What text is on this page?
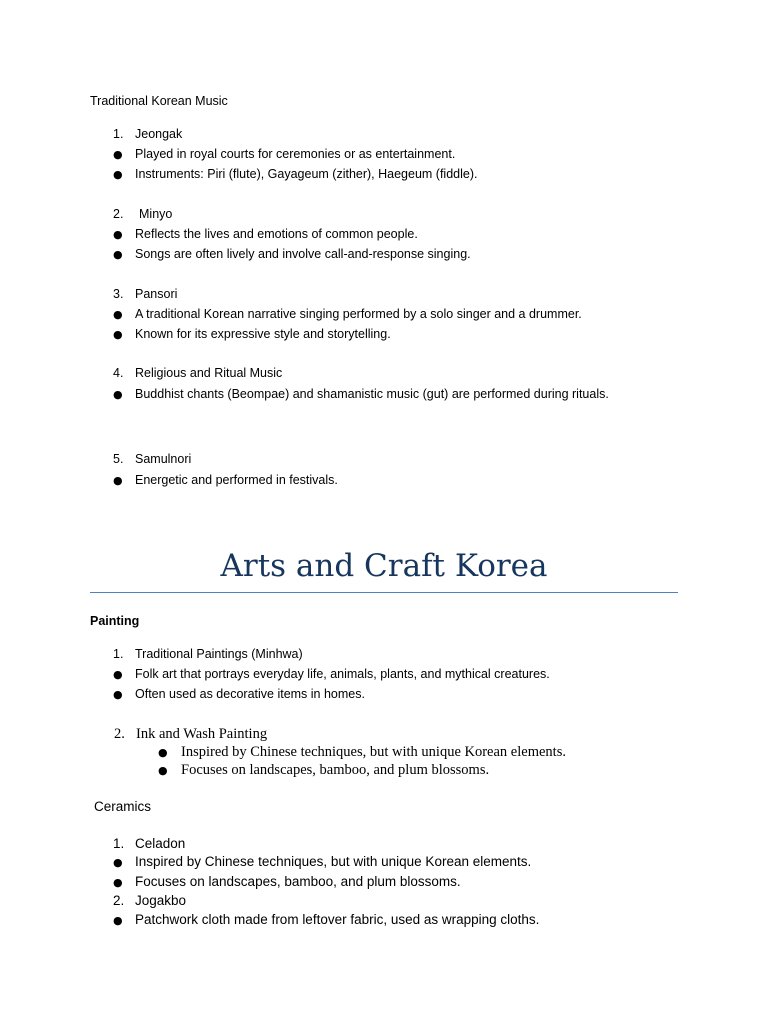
Traditional Korean Music

1. Jeongak

● Played in royal courts for ceremonies or as entertainment.

● Instruments: Piri (flute), Gayageum (zither), Haegeum (fiddle).

2. Minyo

● Reflects the lives and emotions of common people.

● Songs are often lively and involve call-and-response singing.

3. Pansori

● A traditional Korean narrative singing performed by a solo singer and a drummer.

● Known for its expressive style and storytelling.

4. Religious and Ritual Music

● Buddhist chants (Beompae) and shamanistic music (gut) are performed during rituals.

5. Samulnori

● Energetic and performed in festivals.

Arts and Craft Korea

Painting

1. Traditional Paintings (Minhwa)

● Folk art that portrays everyday life, animals, plants, and mythical creatures.

● Often used as decorative items in homes.

2. Ink and Wash Painting

● Inspired by Chinese techniques, but with unique Korean elements.

● Focuses on landscapes, bamboo, and plum blossoms.

Ceramics

1. Celadon

● Inspired by Chinese techniques, but with unique Korean elements.

● Focuses on landscapes, bamboo, and plum blossoms.

2. Jogakbo

● Patchwork cloth made from leftover fabric, used as wrapping cloths.
